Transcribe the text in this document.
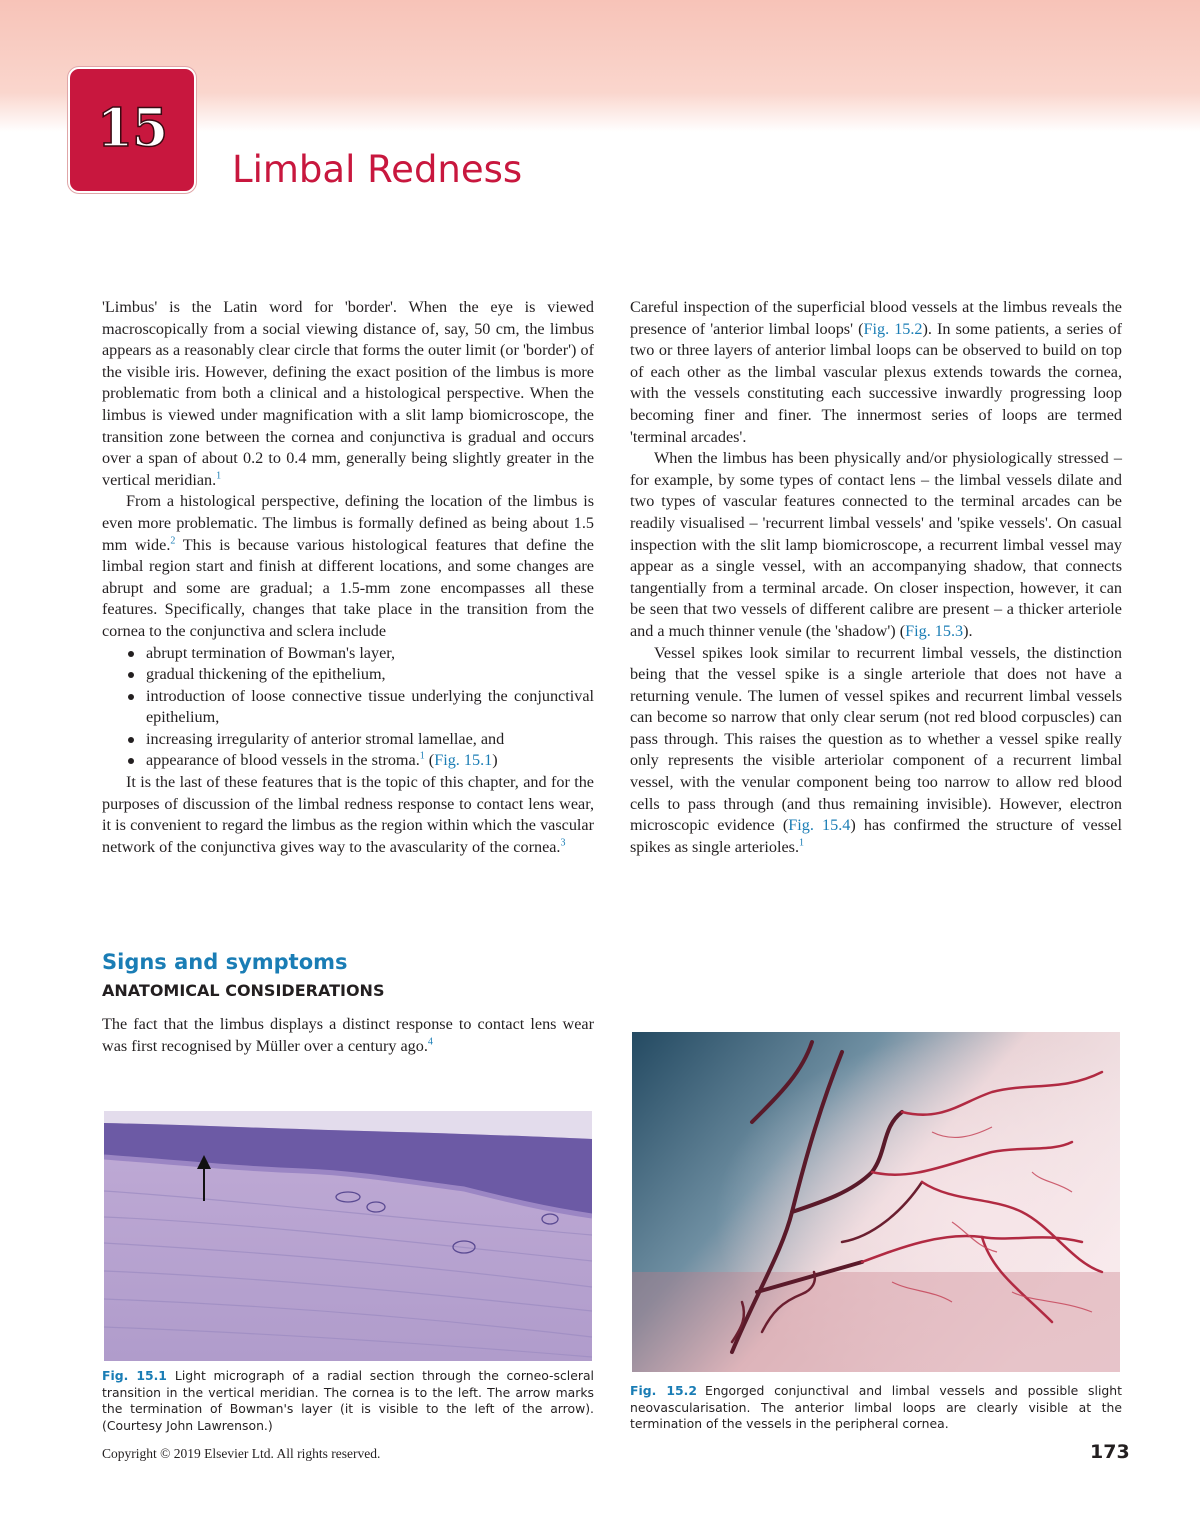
15
Limbal Redness

'Limbus' is the Latin word for 'border'. When the eye is viewed macroscopically from a social viewing distance of, say, 50 cm, the limbus appears as a reasonably clear circle that forms the outer limit (or 'border') of the visible iris. However, defining the exact position of the limbus is more problematic from both a clinical and a histological perspective. When the limbus is viewed under magnification with a slit lamp biomicroscope, the transition zone between the cornea and conjunctiva is gradual and occurs over a span of about 0.2 to 0.4 mm, generally being slightly greater in the vertical meridian.$^1$

From a histological perspective, defining the location of the limbus is even more problematic. The limbus is formally defined as being about 1.5 mm wide.$^2$ This is because various histological features that define the limbal region start and finish at different locations, and some changes are abrupt and some are gradual; a 1.5-mm zone encompasses all these features. Specifically, changes that take place in the transition from the cornea to the conjunctiva and sclera include

abrupt termination of Bowman's layer,
gradual thickening of the epithelium,
introduction of loose connective tissue underlying the conjunctival epithelium,
increasing irregularity of anterior stromal lamellae, and
appearance of blood vessels in the stroma.$^1$ (Fig. 15.1)

It is the last of these features that is the topic of this chapter, and for the purposes of discussion of the limbal redness response to contact lens wear, it is convenient to regard the limbus as the region within which the vascular network of the conjunctiva gives way to the avascularity of the cornea.$^3$

Signs and symptoms
ANATOMICAL CONSIDERATIONS

The fact that the limbus displays a distinct response to contact lens wear was first recognised by Müller over a century ago.$^4$

Careful inspection of the superficial blood vessels at the limbus reveals the presence of 'anterior limbal loops' (Fig. 15.2). In some patients, a series of two or three layers of anterior limbal loops can be observed to build on top of each other as the limbal vascular plexus extends towards the cornea, with the vessels constituting each successive inwardly progressing loop becoming finer and finer. The innermost series of loops are termed 'terminal arcades'.

When the limbus has been physically and/or physiologically stressed – for example, by some types of contact lens – the limbal vessels dilate and two types of vascular features connected to the terminal arcades can be readily visualised – 'recurrent limbal vessels' and 'spike vessels'. On casual inspection with the slit lamp biomicroscope, a recurrent limbal vessel may appear as a single vessel, with an accompanying shadow, that connects tangentially from a terminal arcade. On closer inspection, however, it can be seen that two vessels of different calibre are present – a thicker arteriole and a much thinner venule (the 'shadow') (Fig. 15.3).

Vessel spikes look similar to recurrent limbal vessels, the distinction being that the vessel spike is a single arteriole that does not have a returning venule. The lumen of vessel spikes and recurrent limbal vessels can become so narrow that only clear serum (not red blood corpuscles) can pass through. This raises the question as to whether a vessel spike really only represents the visible arteriolar component of a recurrent limbal vessel, with the venular component being too narrow to allow red blood cells to pass through (and thus remaining invisible). However, electron microscopic evidence (Fig. 15.4) has confirmed the structure of vessel spikes as single arterioles.$^1$

Fig. 15.1 Light micrograph of a radial section through the corneo-scleral transition in the vertical meridian. The cornea is to the left. The arrow marks the termination of Bowman's layer (it is visible to the left of the arrow). (Courtesy John Lawrenson.)
Fig. 15.2 Engorged conjunctival and limbal vessels and possible slight neovascularisation. The anterior limbal loops are clearly visible at the termination of the vessels in the peripheral cornea.
Copyright © 2019 Elsevier Ltd. All rights reserved.	173
